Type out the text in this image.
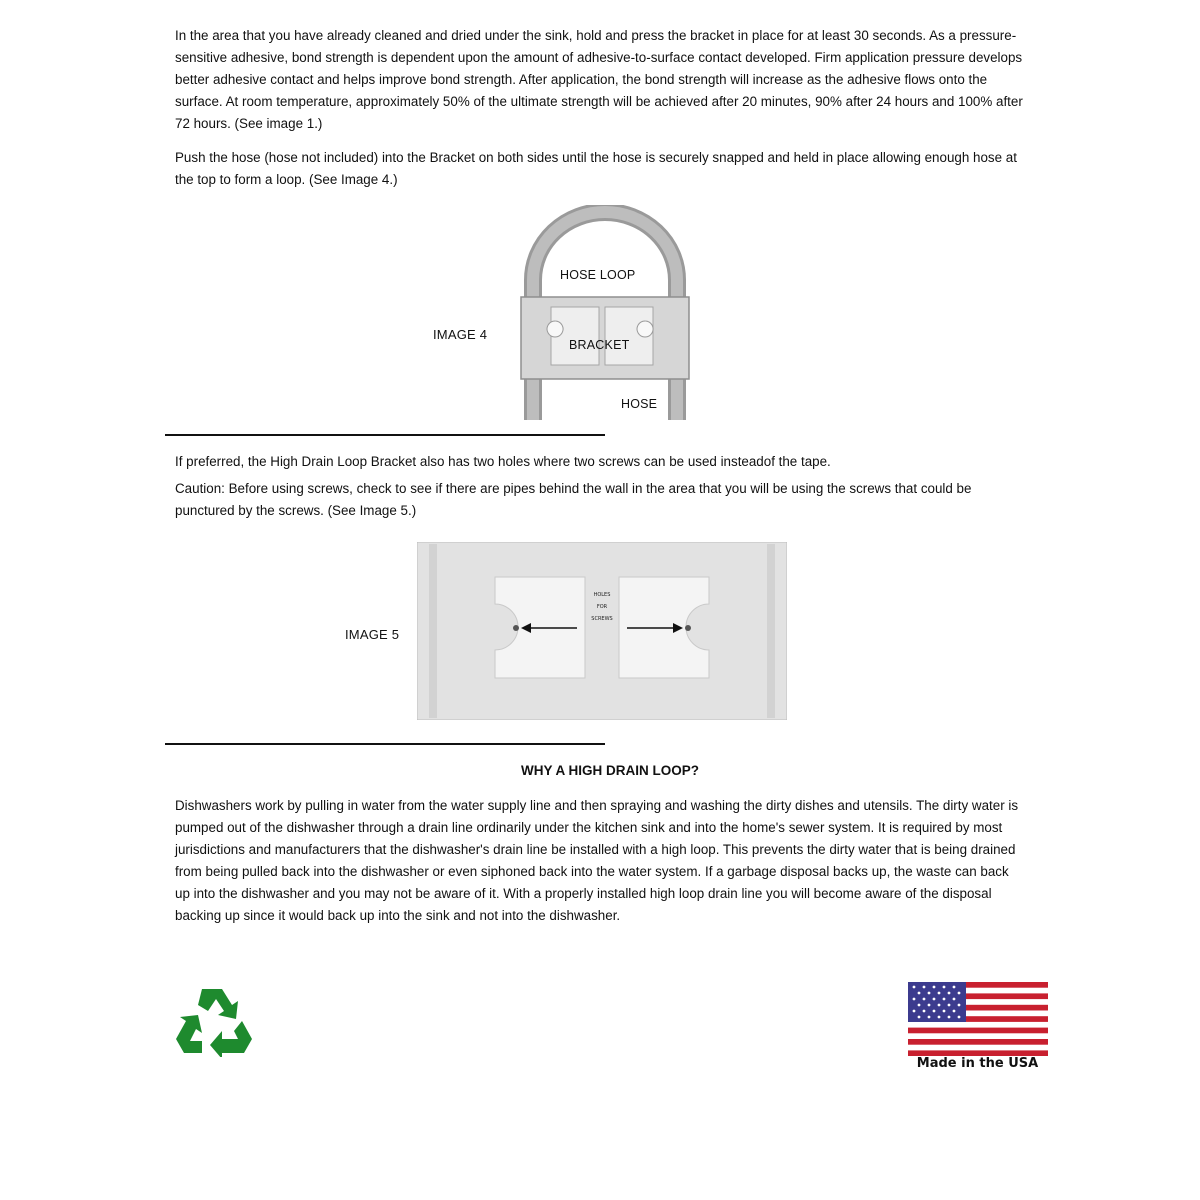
In the area that you have already cleaned and dried under the sink, hold and press the bracket in place for at least 30 seconds. As a pressure-sensitive adhesive, bond strength is dependent upon the amount of adhesive-to-surface contact developed. Firm application pressure develops better adhesive contact and helps improve bond strength. After application, the bond strength will increase as the adhesive flows onto the surface. At room temperature, approximately 50% of the ultimate strength will be achieved after 20 minutes, 90% after 24 hours and 100% after 72 hours. (See image 1.)

Push the hose (hose not included) into the Bracket on both sides until the hose is securely snapped and held in place allowing enough hose at the top to form a loop. (See Image 4.)

IMAGE 4
HOSE LOOP
BRACKET
HOSE

If preferred, the High Drain Loop Bracket also has two holes where two screws can be used insteadof the tape.

Caution: Before using screws, check to see if there are pipes behind the wall in the area that you will be using the screws that could be punctured by the screws. (See Image 5.)

IMAGE 5
HOLES
FOR
SCREWS
WHY A HIGH DRAIN LOOP?

Dishwashers work by pulling in water from the water supply line and then spraying and washing the dirty dishes and utensils. The dirty water is pumped out of the dishwasher through a drain line ordinarily under the kitchen sink and into the home's sewer system. It is required by most jurisdictions and manufacturers that the dishwasher's drain line be installed with a high loop. This prevents the dirty water that is being drained from being pulled back into the dishwasher or even siphoned back into the water system. If a garbage disposal backs up, the waste can back up into the dishwasher and you may not be aware of it. With a properly installed high loop drain line you will become aware of the disposal backing up since it would back up into the sink and not into the dishwasher.

Made in the USA
